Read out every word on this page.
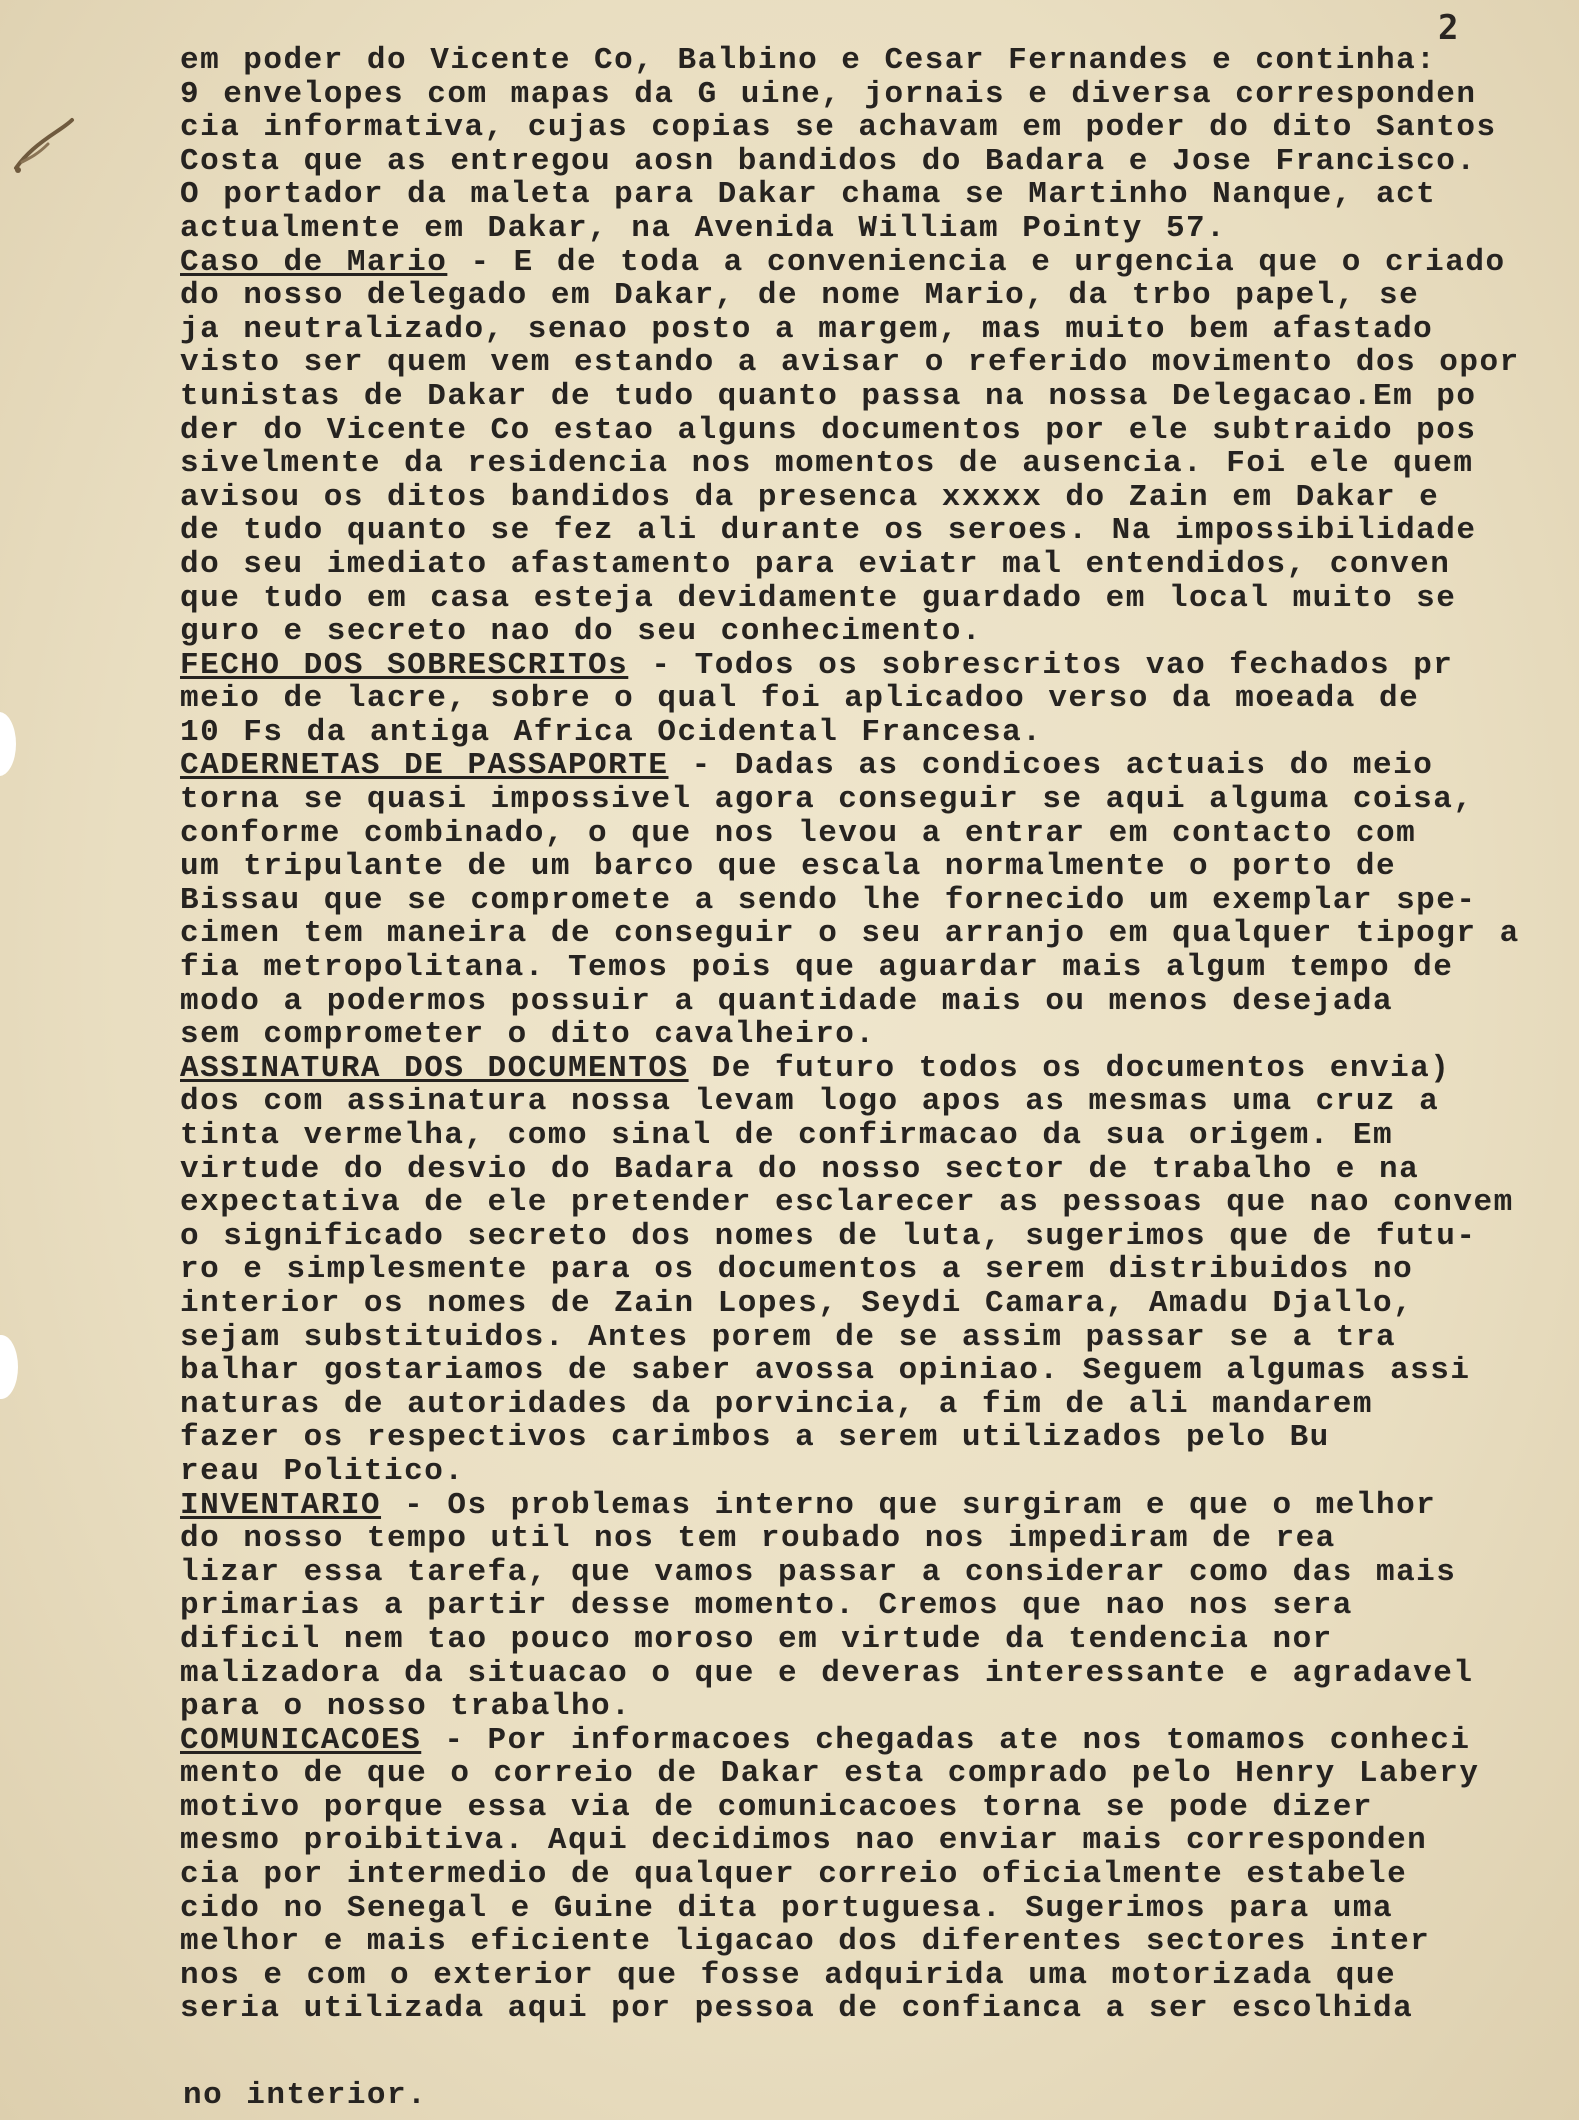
2
em poder do Vicente Co, Balbino e Cesar Fernandes e continha:
9 envelopes com mapas da G uine, jornais e diversa corresponden
cia informativa, cujas copias se achavam em poder do dito Santos
Costa que as entregou aosn bandidos do Badara e Jose Francisco.
O portador da maleta para Dakar chama se Martinho Nanque, act
actualmente em Dakar, na Avenida William Pointy 57.
Caso de Mario - E de toda a conveniencia e urgencia que o criado
do nosso delegado em Dakar, de nome Mario, da trbo papel, se
ja neutralizado, senao posto a margem, mas muito bem afastado
visto ser quem vem estando a avisar o referido movimento dos opor
tunistas de Dakar de tudo quanto passa na nossa Delegacao.Em po
der do Vicente Co estao alguns documentos por ele subtraido pos
sivelmente da residencia nos momentos de ausencia. Foi ele quem
avisou os ditos bandidos da presenca xxxxx do Zain em Dakar e
de tudo quanto se fez ali durante os seroes. Na impossibilidade
do seu imediato afastamento para eviatr mal entendidos, conven
que tudo em casa esteja devidamente guardado em local muito se
guro e secreto nao do seu conhecimento.
FECHO DOS SOBRESCRITOs - Todos os sobrescritos vao fechados pr
meio de lacre, sobre o qual foi aplicadoo verso da moeada de
10 Fs da antiga Africa Ocidental Francesa.
CADERNETAS DE PASSAPORTE - Dadas as condicoes actuais do meio
torna se quasi impossivel agora conseguir se aqui alguma coisa,
conforme combinado, o que nos levou a entrar em contacto com
um tripulante de um barco que escala normalmente o porto de
Bissau que se compromete a sendo lhe fornecido um exemplar spe-
cimen tem maneira de conseguir o seu arranjo em qualquer tipogr a
fia metropolitana. Temos pois que aguardar mais algum tempo de
modo a podermos possuir a quantidade mais ou menos desejada
sem comprometer o dito cavalheiro.
ASSINATURA DOS DOCUMENTOS De futuro todos os documentos envia)
dos com assinatura nossa levam logo apos as mesmas uma cruz a
tinta vermelha, como sinal de confirmacao da sua origem. Em
virtude do desvio do Badara do nosso sector de trabalho e na
expectativa de ele pretender esclarecer as pessoas que nao convem
o significado secreto dos nomes de luta, sugerimos que de futu-
ro e simplesmente para os documentos a serem distribuidos no
interior os nomes de Zain Lopes, Seydi Camara, Amadu Djallo,
sejam substituidos. Antes porem de se assim passar se a tra
balhar gostariamos de saber avossa opiniao. Seguem algumas assi
naturas de autoridades da porvincia, a fim de ali mandarem
fazer os respectivos carimbos a serem utilizados pelo Bu
reau Politico.
INVENTARIO - Os problemas interno que surgiram e que o melhor
do nosso tempo util nos tem roubado nos impediram de rea
lizar essa tarefa, que vamos passar a considerar como das mais
primarias a partir desse momento. Cremos que nao nos sera
dificil nem tao pouco moroso em virtude da tendencia nor
malizadora da situacao o que e deveras interessante e agradavel
para o nosso trabalho.
COMUNICACOES - Por informacoes chegadas ate nos tomamos conheci
mento de que o correio de Dakar esta comprado pelo Henry Labery
motivo porque essa via de comunicacoes torna se pode dizer
mesmo proibitiva. Aqui decidimos nao enviar mais corresponden
cia por intermedio de qualquer correio oficialmente estabele
cido no Senegal e Guine dita portuguesa. Sugerimos para uma
melhor e mais eficiente ligacao dos diferentes sectores inter
nos e com o exterior que fosse adquirida uma motorizada que
seria utilizada aqui por pessoa de confianca a ser escolhida
no interior.
